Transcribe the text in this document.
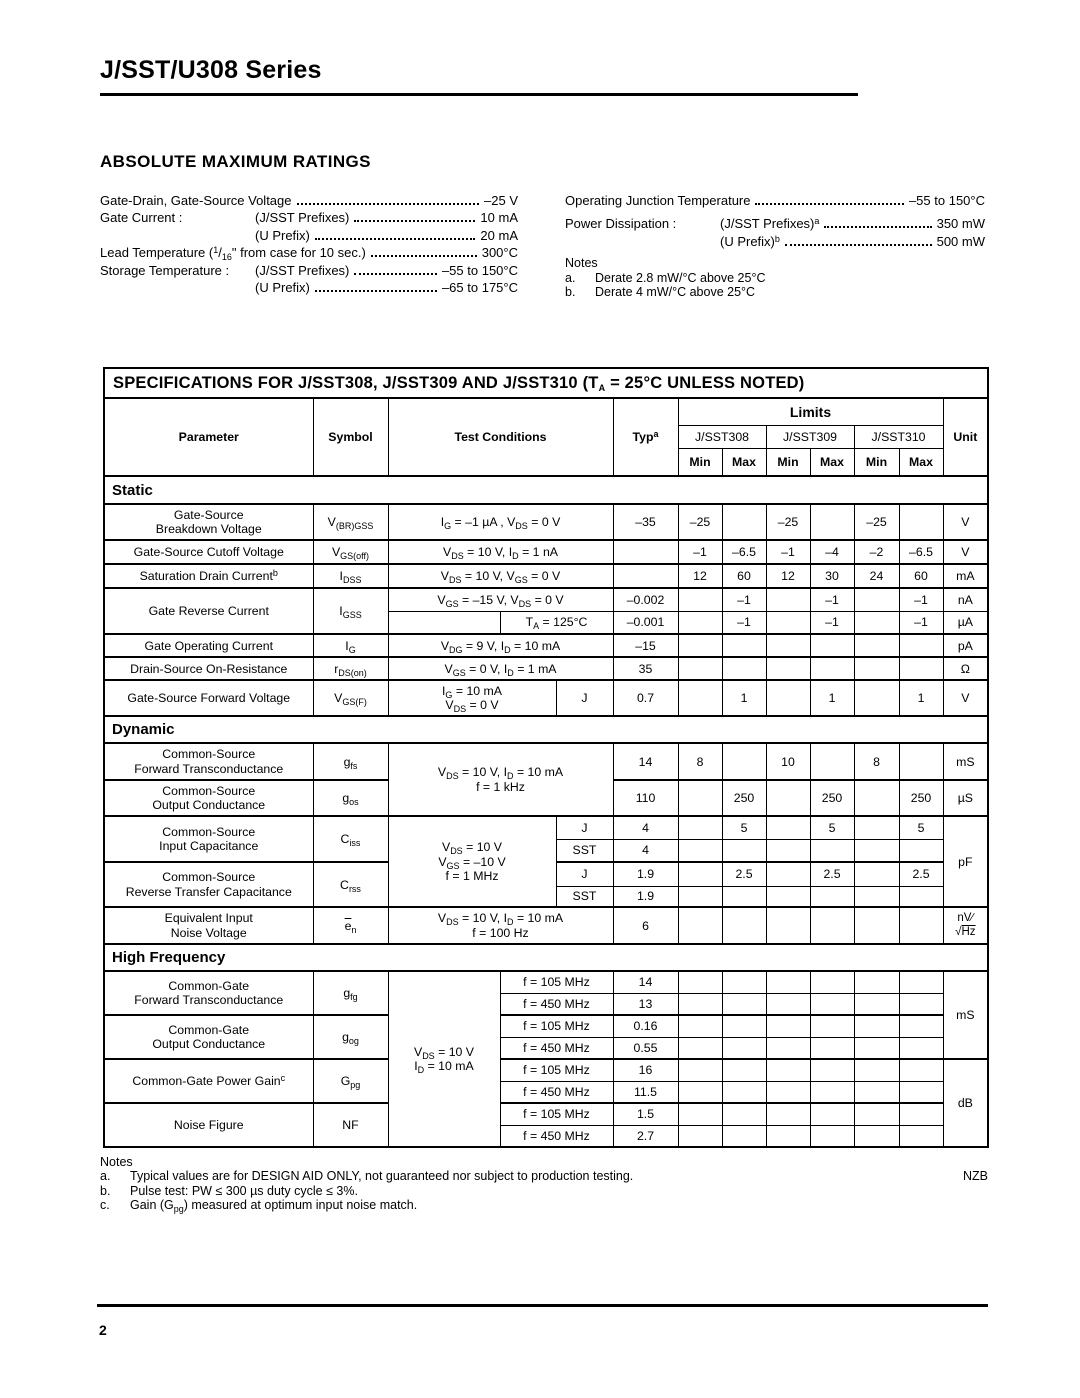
J/SST/U308 Series
ABSOLUTE MAXIMUM RATINGS
Gate-Drain, Gate-Source Voltage	–25 V
Gate Current :	(J/SST Prefixes)	10 mA
(U Prefix)	20 mA
Lead Temperature ($^1/_{16}$" from case for 10 sec.)	300°C
Storage Temperature :	(J/SST Prefixes)	–55 to 150°C
(U Prefix)	–65 to 175°C
Operating Junction Temperature	–55 to 150°C
Power Dissipation :	(J/SST Prefixes)$^a$	350 mW
(U Prefix)$^b$	500 mW
Notes
a.	Derate 2.8 mW/°C above 25°C
b.	Derate 4 mW/°C above 25°C
SPECIFICATIONS FOR J/SST308, J/SST309 AND J/SST310 ($T_A = 25^\circ C$ UNLESS NOTED)												
Parameter	Symbol	Test Conditions			Typ$^a$	Limits						Unit
						J/SST308		J/SST309		J/SST310		
						Min	Max	Min	Max	Min	Max	
Static												
Gate-Source
Breakdown Voltage	$V_{(BR)GSS}$	$I_G = -1$ µA , $V_{DS} = 0$ V			–35	–25		–25		–25		V
Gate-Source Cutoff Voltage	$V_{GS(off)}$	$V_{DS} = 10$ V, $I_D = 1$ nA				–1	–6.5	–1	–4	–2	–6.5	V
Saturation Drain Current$^b$	$I_{DSS}$	$V_{DS} = 10$ V, $V_{GS} = 0$ V				12	60	12	30	24	60	mA
Gate Reverse Current	$I_{GSS}$	$V_{GS} = -15$ V, $V_{DS} = 0$ V			–0.002		–1		–1		–1	nA
			$T_A = 125^\circ C$		–0.001		–1		–1		–1	µA
Gate Operating Current	$I_G$	$V_{DG} = 9$ V, $I_D = 10$ mA			–15							pA
Drain-Source On-Resistance	$r_{DS(on)}$	$V_{GS} = 0$ V, $I_D = 1$ mA			35							Ω
Gate-Source Forward Voltage	$V_{GS(F)}$	$I_G = 10$ mA
$V_{DS} = 0$ V		J	0.7		1		1		1	V
Dynamic												
Common-Source
Forward Transconductance	$g_{fs}$	$V_{DS} = 10$ V, $I_D = 10$ mA
f = 1 kHz			14	8		10		8		mS
Common-Source
Output Conductance	$g_{os}$				110		250		250		250	µS
Common-Source
Input Capacitance	$C_{iss}$	$V_{DS} = 10$ V
$V_{GS} = -10$ V
f = 1 MHz		J	4		5		5		5	pF
				SST	4							
Common-Source
Reverse Transfer Capacitance	$C_{rss}$			J	1.9		2.5		2.5		2.5	
				SST	1.9							
Equivalent Input
Noise Voltage	$\overline{e}_n$	$V_{DS} = 10$ V, $I_D = 10$ mA
f = 100 Hz			6							nV∕
√Hz
High Frequency												
Common-Gate
Forward Transconductance	$g_{fg}$	$V_{DS} = 10$ V
$I_D = 10$ mA	f = 105 MHz		14							mS
			f = 450 MHz		13							
Common-Gate
Output Conductance	$g_{og}$		f = 105 MHz		0.16							
			f = 450 MHz		0.55							
Common-Gate Power Gain$^c$	$G_{pg}$		f = 105 MHz		16							dB
			f = 450 MHz		11.5							
Noise Figure	NF		f = 105 MHz		1.5							
			f = 450 MHz		2.7							
Notes
a.	Typical values are for DESIGN AID ONLY, not guaranteed nor subject to production testing.	NZB
b.	Pulse test: PW ≤ 300 µs duty cycle ≤ 3%.
c.	Gain $(G_{pg})$ measured at optimum input noise match.
2
